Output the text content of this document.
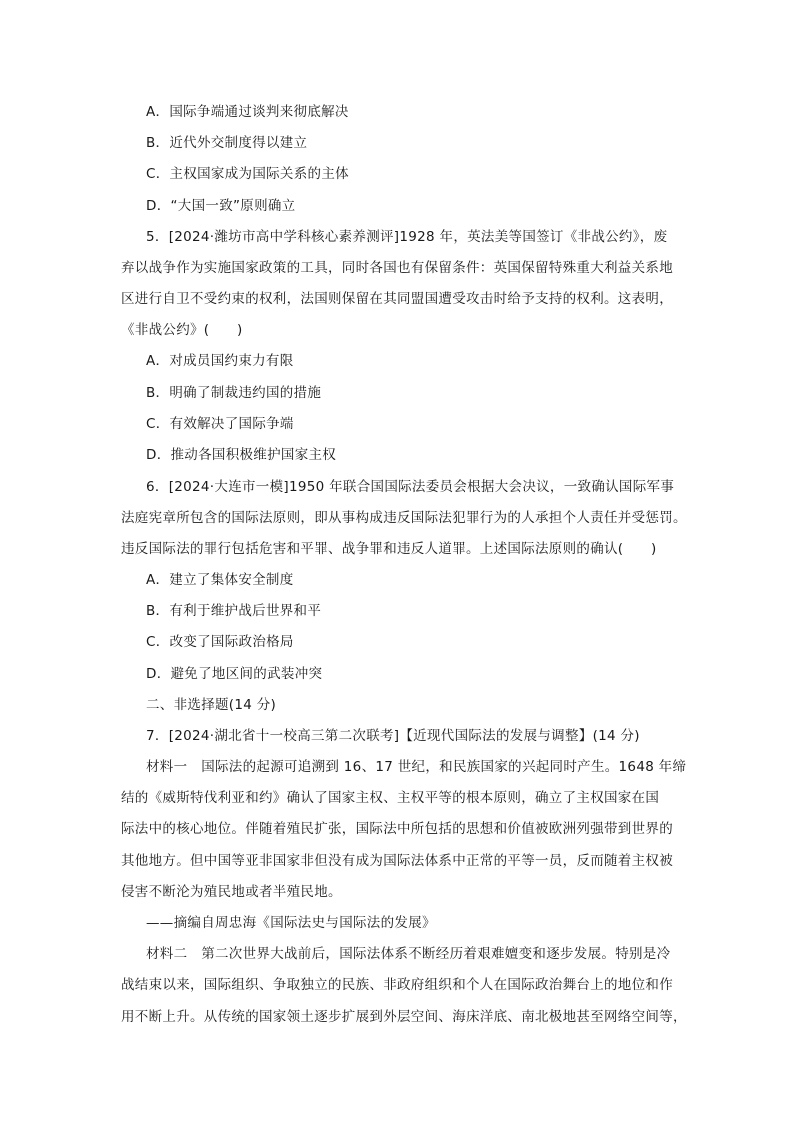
A．国际争端通过谈判来彻底解决
B．近代外交制度得以建立
C．主权国家成为国际关系的主体
D．“大国一致”原则确立
5．[2024·潍坊市高中学科核心素养测评]1928 年，英法美等国签订《非战公约》，废
弃以战争作为实施国家政策的工具，同时各国也有保留条件：英国保留特殊重大利益关系地
区进行自卫不受约束的权利，法国则保留在其同盟国遭受攻击时给予支持的权利。这表明，
《非战公约》(　　)
A．对成员国约束力有限
B．明确了制裁违约国的措施
C．有效解决了国际争端
D．推动各国积极维护国家主权
6．[2024·大连市一模]1950 年联合国国际法委员会根据大会决议，一致确认国际军事
法庭宪章所包含的国际法原则，即从事构成违反国际法犯罪行为的人承担个人责任并受惩罚。
违反国际法的罪行包括危害和平罪、战争罪和违反人道罪。上述国际法原则的确认(　　)
A．建立了集体安全制度
B．有利于维护战后世界和平
C．改变了国际政治格局
D．避免了地区间的武装冲突
二、非选择题(14 分)
7．[2024·湖北省十一校高三第二次联考]【近现代国际法的发展与调整】(14 分)
材料一　国际法的起源可追溯到 16、17 世纪，和民族国家的兴起同时产生。1648 年缔
结的《威斯特伐利亚和约》确认了国家主权、主权平等的根本原则，确立了主权国家在国
际法中的核心地位。伴随着殖民扩张，国际法中所包括的思想和价值被欧洲列强带到世界的
其他地方。但中国等亚非国家非但没有成为国际法体系中正常的平等一员，反而随着主权被
侵害不断沦为殖民地或者半殖民地。
——摘编自周忠海《国际法史与国际法的发展》
材料二　第二次世界大战前后，国际法体系不断经历着艰难嬗变和逐步发展。特别是冷
战结束以来，国际组织、争取独立的民族、非政府组织和个人在国际政治舞台上的地位和作
用不断上升。从传统的国家领土逐步扩展到外层空间、海床洋底、南北极地甚至网络空间等，
